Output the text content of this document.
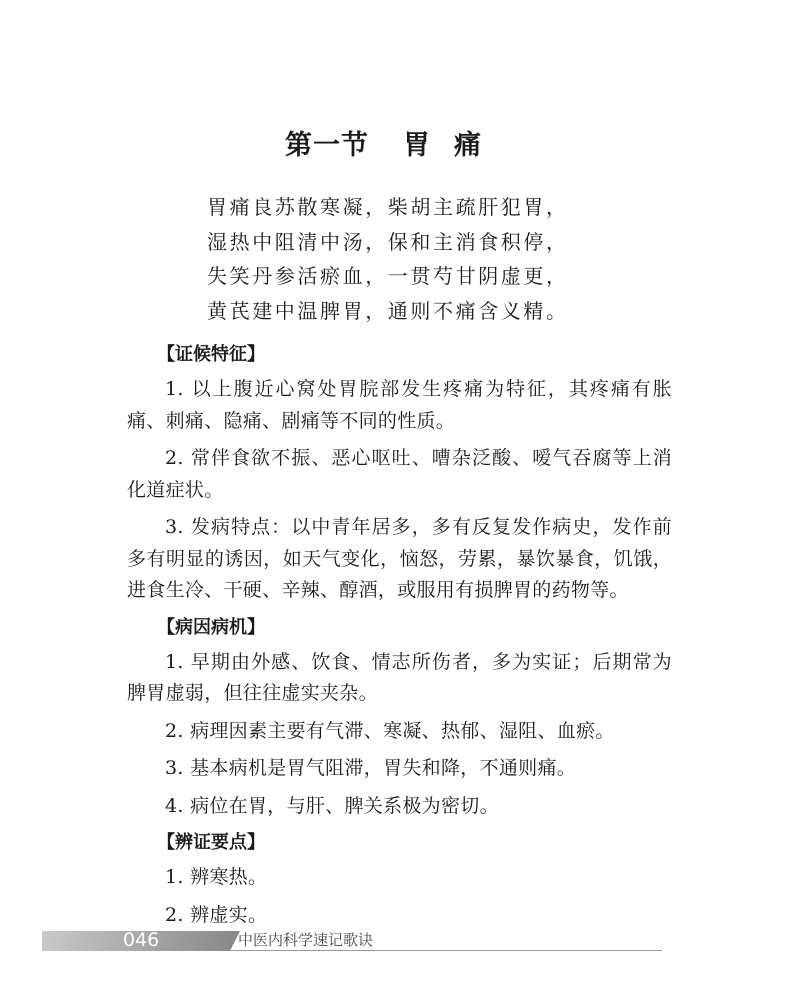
第一节 胃痛
胃痛良苏散寒凝，柴胡主疏肝犯胃，
湿热中阻清中汤，保和主消食积停，
失笑丹参活瘀血，一贯芍甘阴虚更，
黄芪建中温脾胃，通则不痛含义精。
【证候特征】
1. 以上腹近心窝处胃脘部发生疼痛为特征，其疼痛有胀痛、刺痛、隐痛、剧痛等不同的性质。
2. 常伴食欲不振、恶心呕吐、嘈杂泛酸、嗳气吞腐等上消化道症状。
3. 发病特点：以中青年居多，多有反复发作病史，发作前多有明显的诱因，如天气变化，恼怒，劳累，暴饮暴食，饥饿，进食生冷、干硬、辛辣、醇酒，或服用有损脾胃的药物等。
【病因病机】
1. 早期由外感、饮食、情志所伤者，多为实证；后期常为脾胃虚弱，但往往虚实夹杂。
2. 病理因素主要有气滞、寒凝、热郁、湿阻、血瘀。
3. 基本病机是胃气阻滞，胃失和降，不通则痛。
4. 病位在胃，与肝、脾关系极为密切。
【辨证要点】
1. 辨寒热。
2. 辨虚实。
046	中医内科学速记歌诀
